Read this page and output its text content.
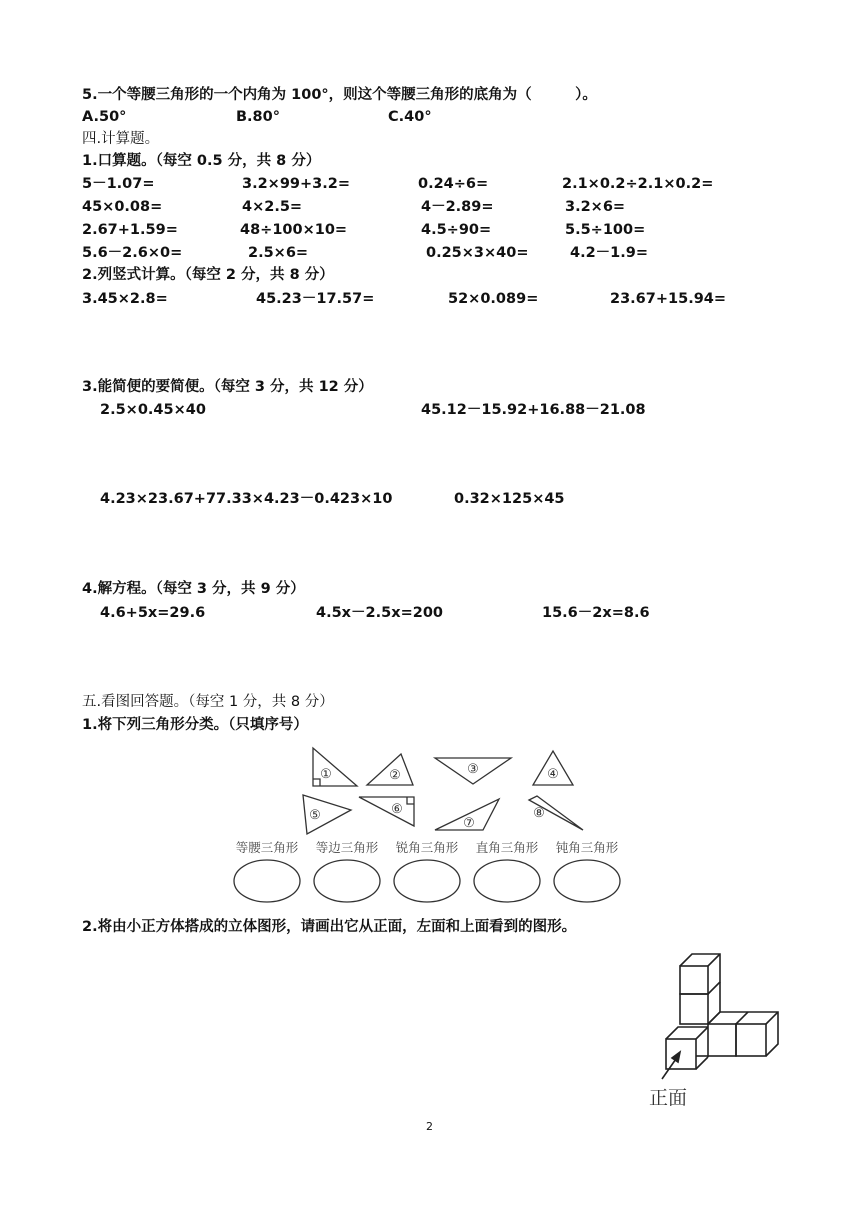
5.一个等腰三角形的一个内角为 100°，则这个等腰三角形的底角为（　　　）。
A.50°	B.80°	C.40°
四.计算题。
1.口算题。（每空 0.5 分，共 8 分）
5－1.07=	3.2×99+3.2=	0.24÷6=	2.1×0.2÷2.1×0.2=
45×0.08=	4×2.5=	4－2.89=	3.2×6=
2.67+1.59=	48÷100×10=	4.5÷90=	5.5÷100=
5.6－2.6×0=	2.5×6=	0.25×3×40=	4.2－1.9=
2.列竖式计算。（每空 2 分，共 8 分）
3.45×2.8=	45.23－17.57=	52×0.089=	23.67+15.94=
3.能简便的要简便。（每空 3 分，共 12 分）
2.5×0.45×40	45.12－15.92+16.88－21.08
4.23×23.67+77.33×4.23－0.423×10	0.32×125×45
4.解方程。（每空 3 分，共 9 分）
4.6+5x=29.6	4.5x－2.5x=200	15.6－2x=8.6
五.看图回答题。（每空 1 分，共 8 分）
1.将下列三角形分类。（只填序号）
①	②	③	④
⑤	⑥
⑦
⑧
等腰三角形 等边三角形 锐角三角形 直角三角形 钝角三角形
2.将由小正方体搭成的立体图形，请画出它从正面，左面和上面看到的图形。
正面
2
